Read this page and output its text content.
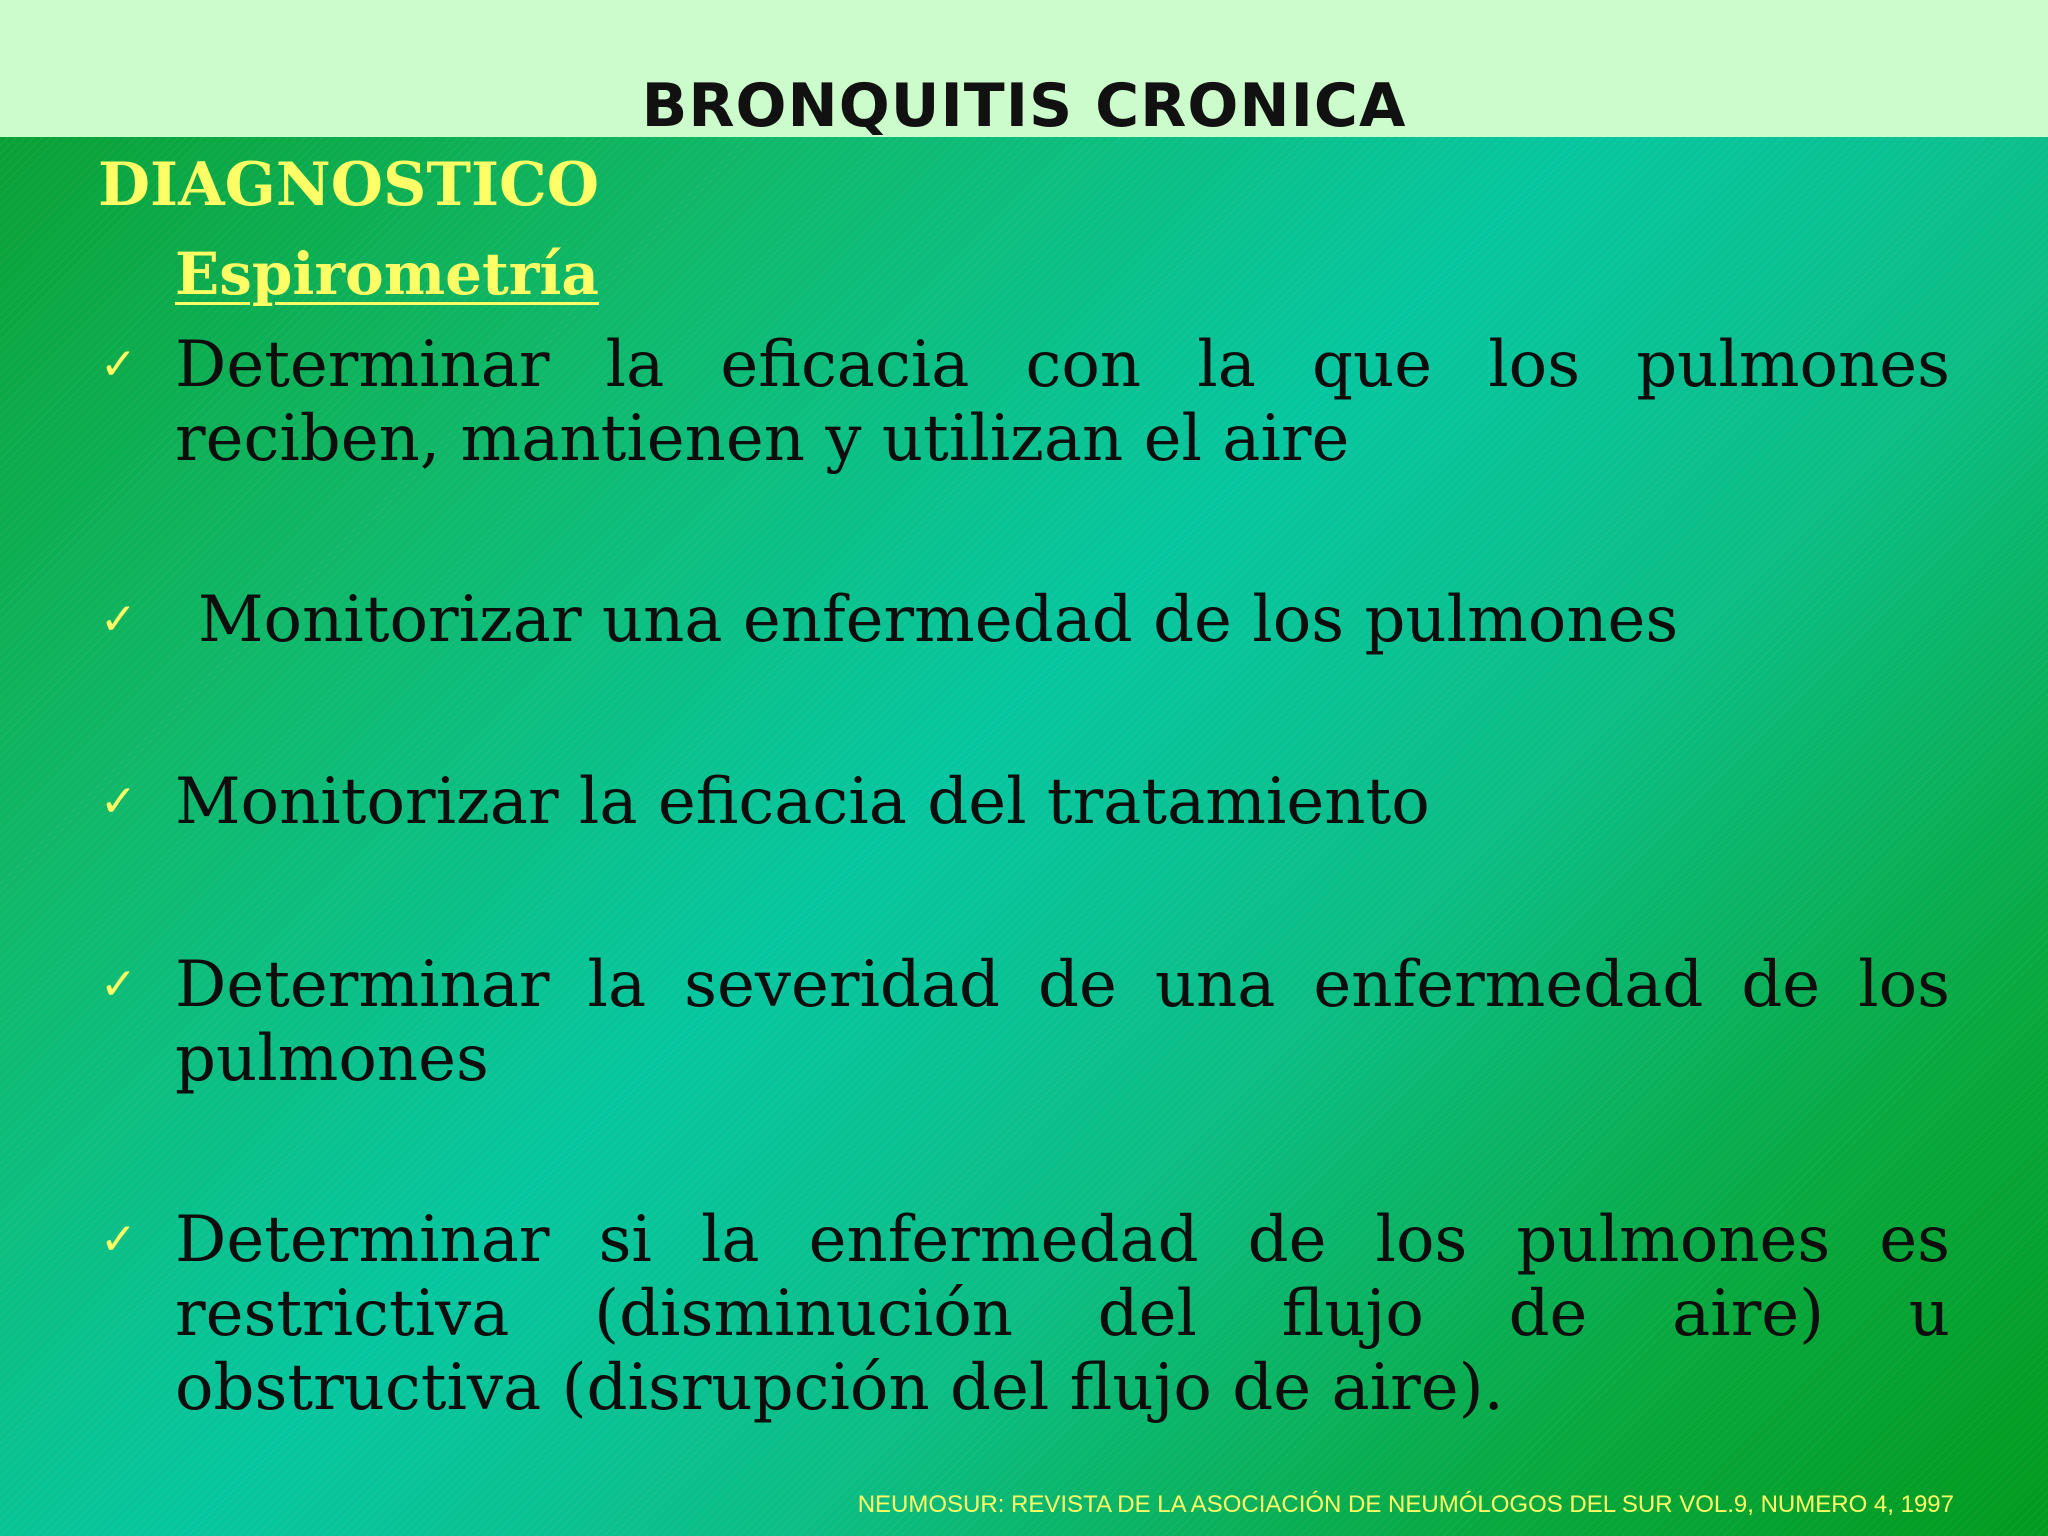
BRONQUITIS CRONICA
DIAGNOSTICO
Espirometría
✓ Determinar la eficacia con la que los pulmones reciben, mantienen y utilizan el aire
✓ Monitorizar una enfermedad de los pulmones
✓ Monitorizar la eficacia del tratamiento
✓ Determinar la severidad de una enfermedad de los pulmones
✓ Determinar si la enfermedad de los pulmones es restrictiva (disminución del flujo de aire) u obstructiva (disrupción del flujo de aire).
NEUMOSUR: REVISTA DE LA ASOCIACIÓN DE NEUMÓLOGOS DEL SUR VOL.9, NUMERO 4, 1997
